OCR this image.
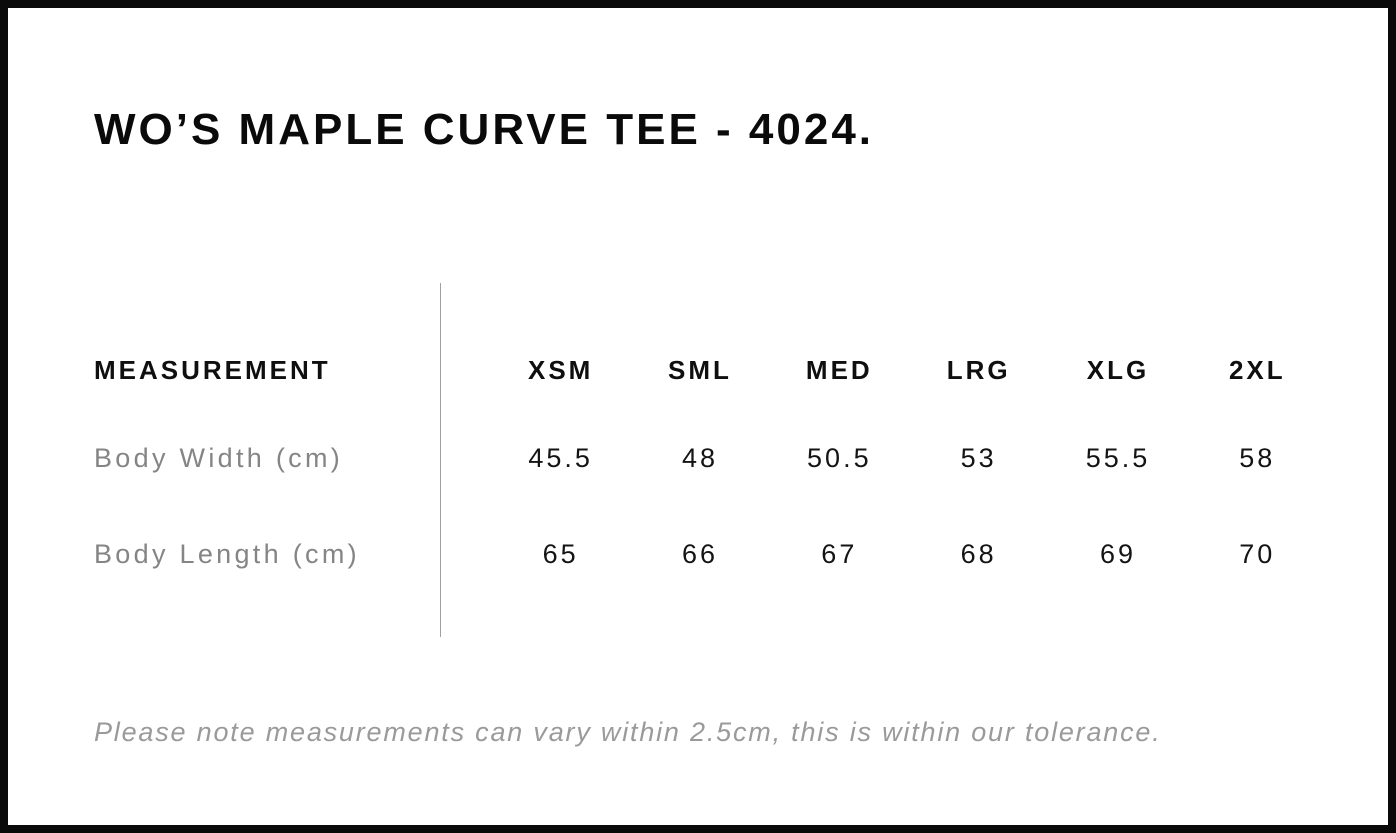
WO’S MAPLE CURVE TEE - 4024.
MEASUREMENT	XSM	SML	MED	LRG	XLG	2XL
Body Width (cm)	45.5	48	50.5	53	55.5	58
Body Length (cm)	65	66	67	68	69	70

Please note measurements can vary within 2.5cm, this is within our tolerance.
